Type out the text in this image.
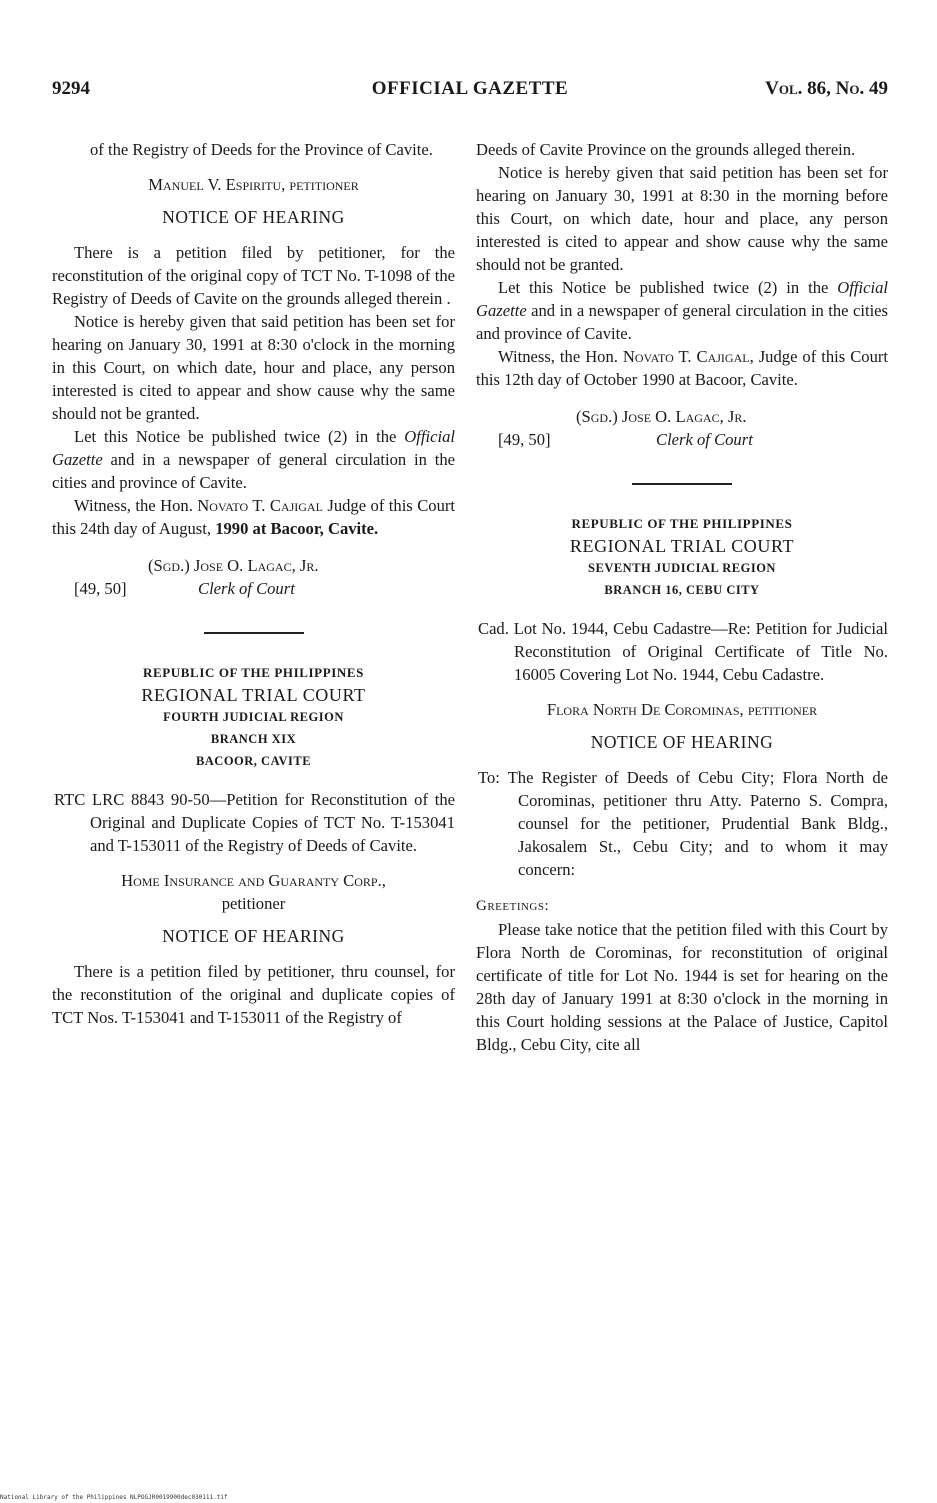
9294	OFFICIAL GAZETTE	Vol. 86, No. 49

of the Registry of Deeds for the Province of Cavite.

Manuel V. Espiritu, petitioner

NOTICE OF HEARING

There is a petition filed by petitioner, for the reconstitution of the original copy of TCT No. T-1098 of the Registry of Deeds of Cavite on the grounds alleged therein .

Notice is hereby given that said petition has been set for hearing on January 30, 1991 at 8:30 o'clock in the morning in this Court, on which date, hour and place, any person interested is cited to appear and show cause why the same should not be granted.

Let this Notice be published twice (2) in the Official Gazette and in a newspaper of general circulation in the cities and province of Cavite.

Witness, the Hon. Novato T. Cajigal Judge of this Court this 24th day of August, 1990 at Bacoor, Cavite.

(Sgd.) Jose O. Lagac, Jr.
[49, 50]	Clerk of Court
REPUBLIC OF THE PHILIPPINES
REGIONAL TRIAL COURT
FOURTH JUDICIAL REGION
BRANCH XIX
BACOOR, CAVITE

RTC LRC 8843 90-50—Petition for Reconstitution of the Original and Duplicate Copies of TCT No. T-153041 and T-153011 of the Registry of Deeds of Cavite.

Home Insurance and Guaranty Corp.,
petitioner

NOTICE OF HEARING

There is a petition filed by petitioner, thru counsel, for the reconstitution of the original and duplicate copies of TCT Nos. T-153041 and T-153011 of the Registry of

Deeds of Cavite Province on the grounds alleged therein.

Notice is hereby given that said petition has been set for hearing on January 30, 1991 at 8:30 in the morning before this Court, on which date, hour and place, any person interested is cited to appear and show cause why the same should not be granted.

Let this Notice be published twice (2) in the Official Gazette and in a newspaper of general circulation in the cities and province of Cavite.

Witness, the Hon. Novato T. Cajigal, Judge of this Court this 12th day of October 1990 at Bacoor, Cavite.

(Sgd.) Jose O. Lagac, Jr.
[49, 50]	Clerk of Court
REPUBLIC OF THE PHILIPPINES
REGIONAL TRIAL COURT
SEVENTH JUDICIAL REGION
BRANCH 16, CEBU CITY

Cad. Lot No. 1944, Cebu Cadastre—Re: Petition for Judicial Reconstitution of Original Certificate of Title No. 16005 Covering Lot No. 1944, Cebu Cadastre.

Flora North De Corominas, petitioner

NOTICE OF HEARING

To: The Register of Deeds of Cebu City; Flora North de Corominas, petitioner thru Atty. Paterno S. Compra, counsel for the petitioner, Prudential Bank Bldg., Jakosalem St., Cebu City; and to whom it may concern:

Greetings:

Please take notice that the petition filed with this Court by Flora North de Corominas, for reconstitution of original certificate of title for Lot No. 1944 is set for hearing on the 28th day of January 1991 at 8:30 o'clock in the morning in this Court holding sessions at the Palace of Justice, Capitol Bldg., Cebu City, cite all

National Library of the Philippines NLPOGJR0019900dec030111.tif
